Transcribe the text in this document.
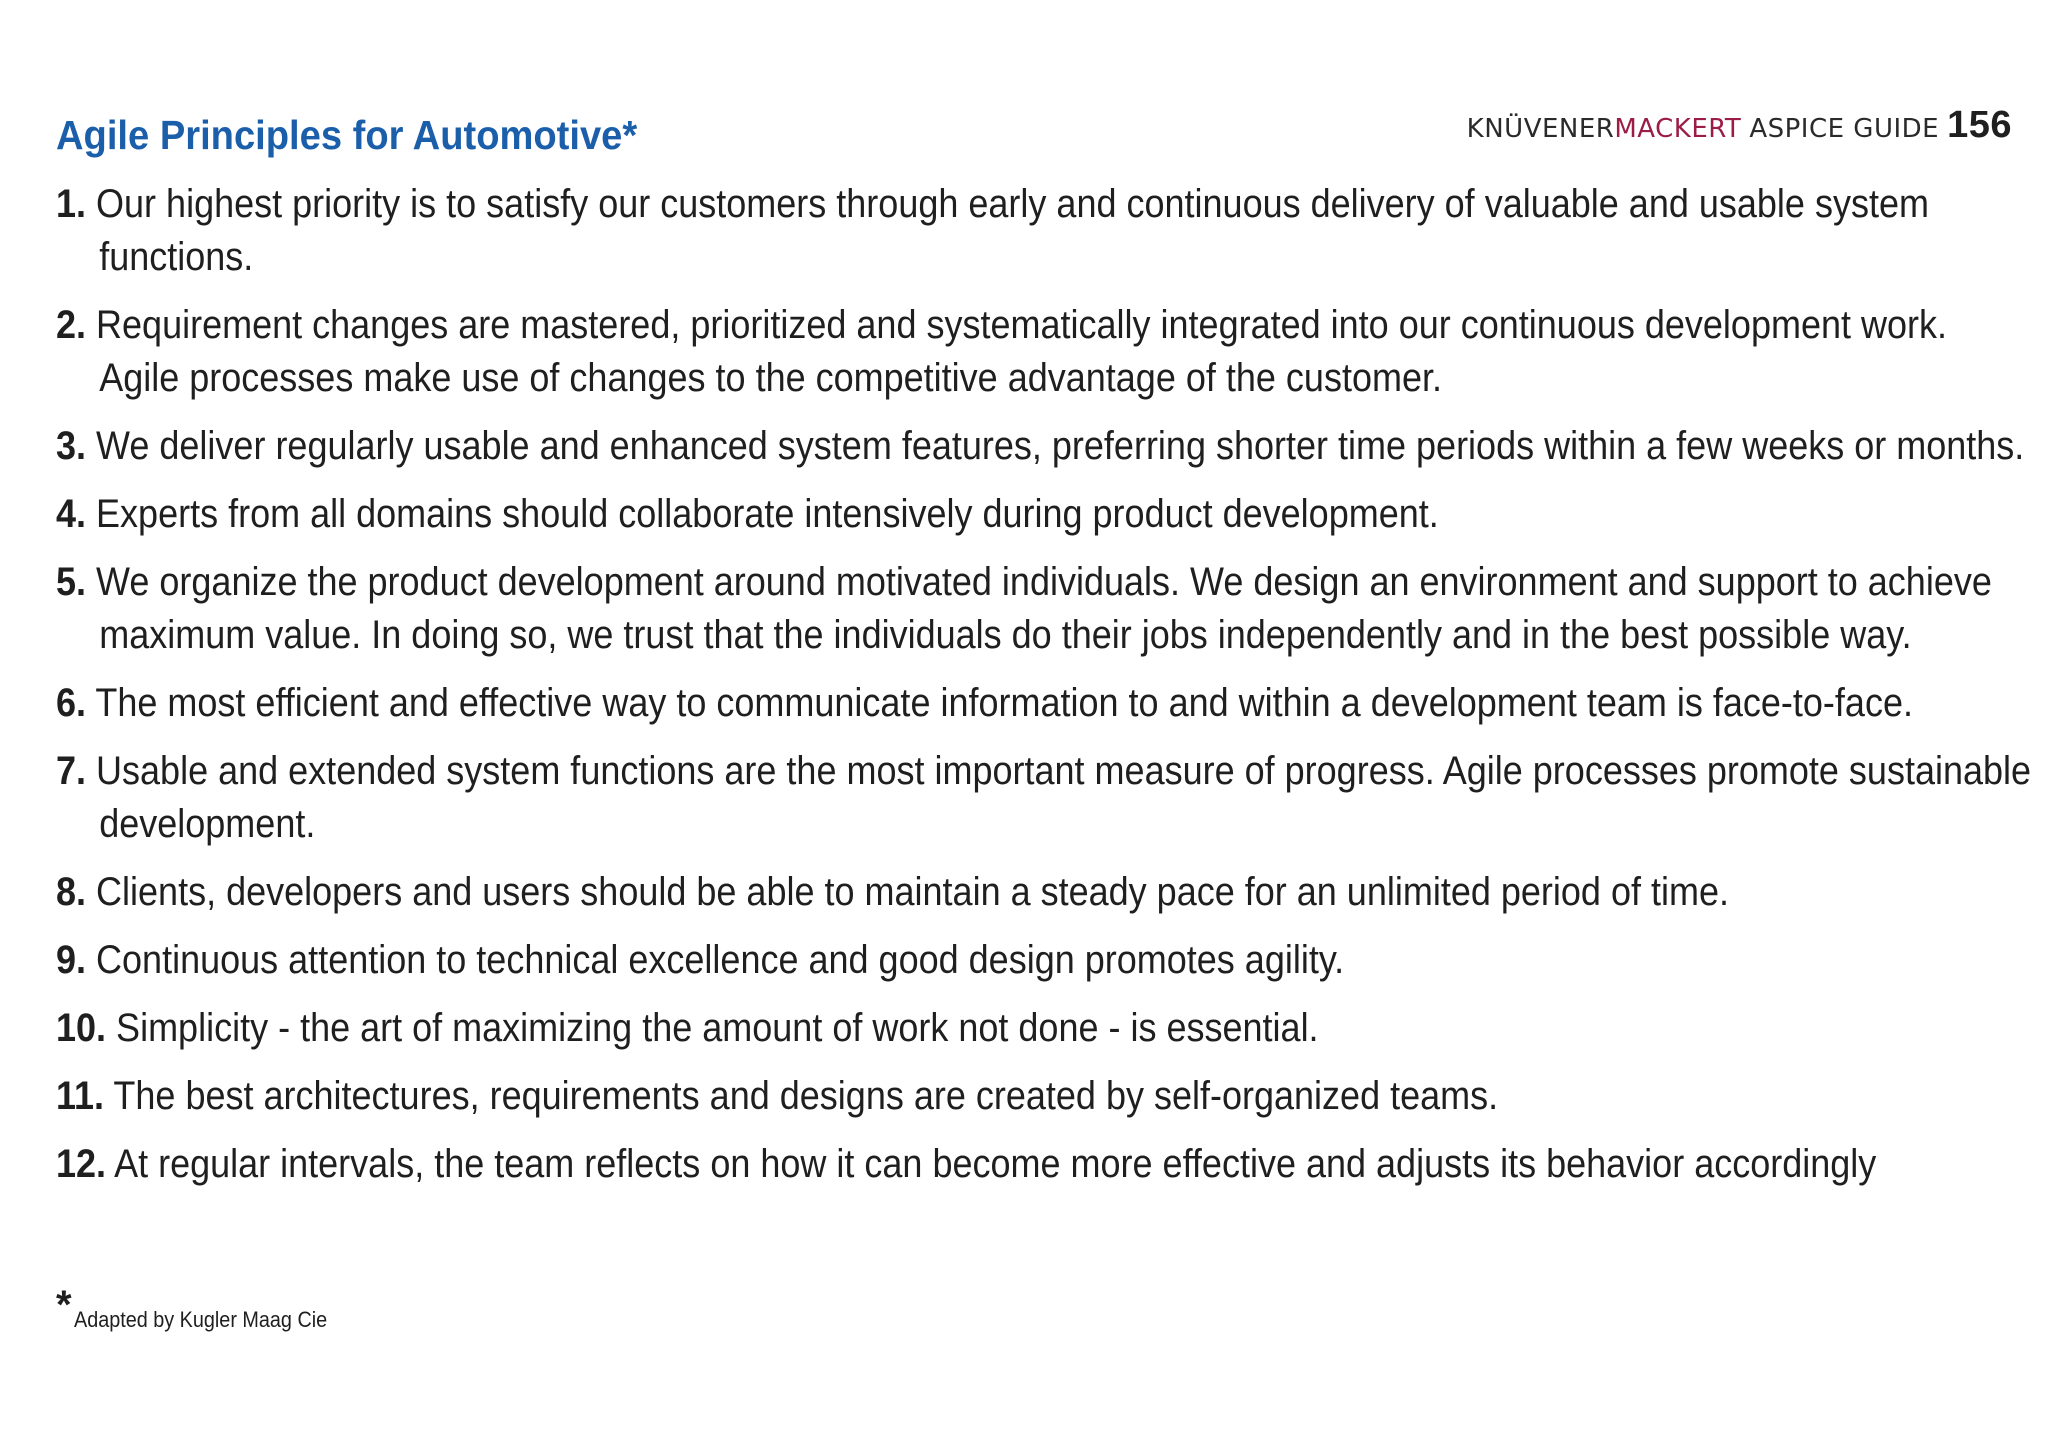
Agile Principles for Automotive*	KNÜVENER MACKERT ASPICE GUIDE 156
1. Our highest priority is to satisfy our customers through early and continuous delivery of valuable and usable system functions.
2. Requirement changes are mastered, prioritized and systematically integrated into our continuous development work. Agile processes make use of changes to the competitive advantage of the customer.
3. We deliver regularly usable and enhanced system features, preferring shorter time periods within a few weeks or months.
4. Experts from all domains should collaborate intensively during product development.
5. We organize the product development around motivated individuals. We design an environment and support to achieve maximum value. In doing so, we trust that the individuals do their jobs independently and in the best possible way.
6. The most efficient and effective way to communicate information to and within a development team is face-to-face.
7. Usable and extended system functions are the most important measure of progress. Agile processes promote sustainable development.
8. Clients, developers and users should be able to maintain a steady pace for an unlimited period of time.
9. Continuous attention to technical excellence and good design promotes agility.
10. Simplicity - the art of maximizing the amount of work not done - is essential.
11. The best architectures, requirements and designs are created by self-organized teams.
12. At regular intervals, the team reflects on how it can become more effective and adjusts its behavior accordingly
*Adapted by Kugler Maag Cie
